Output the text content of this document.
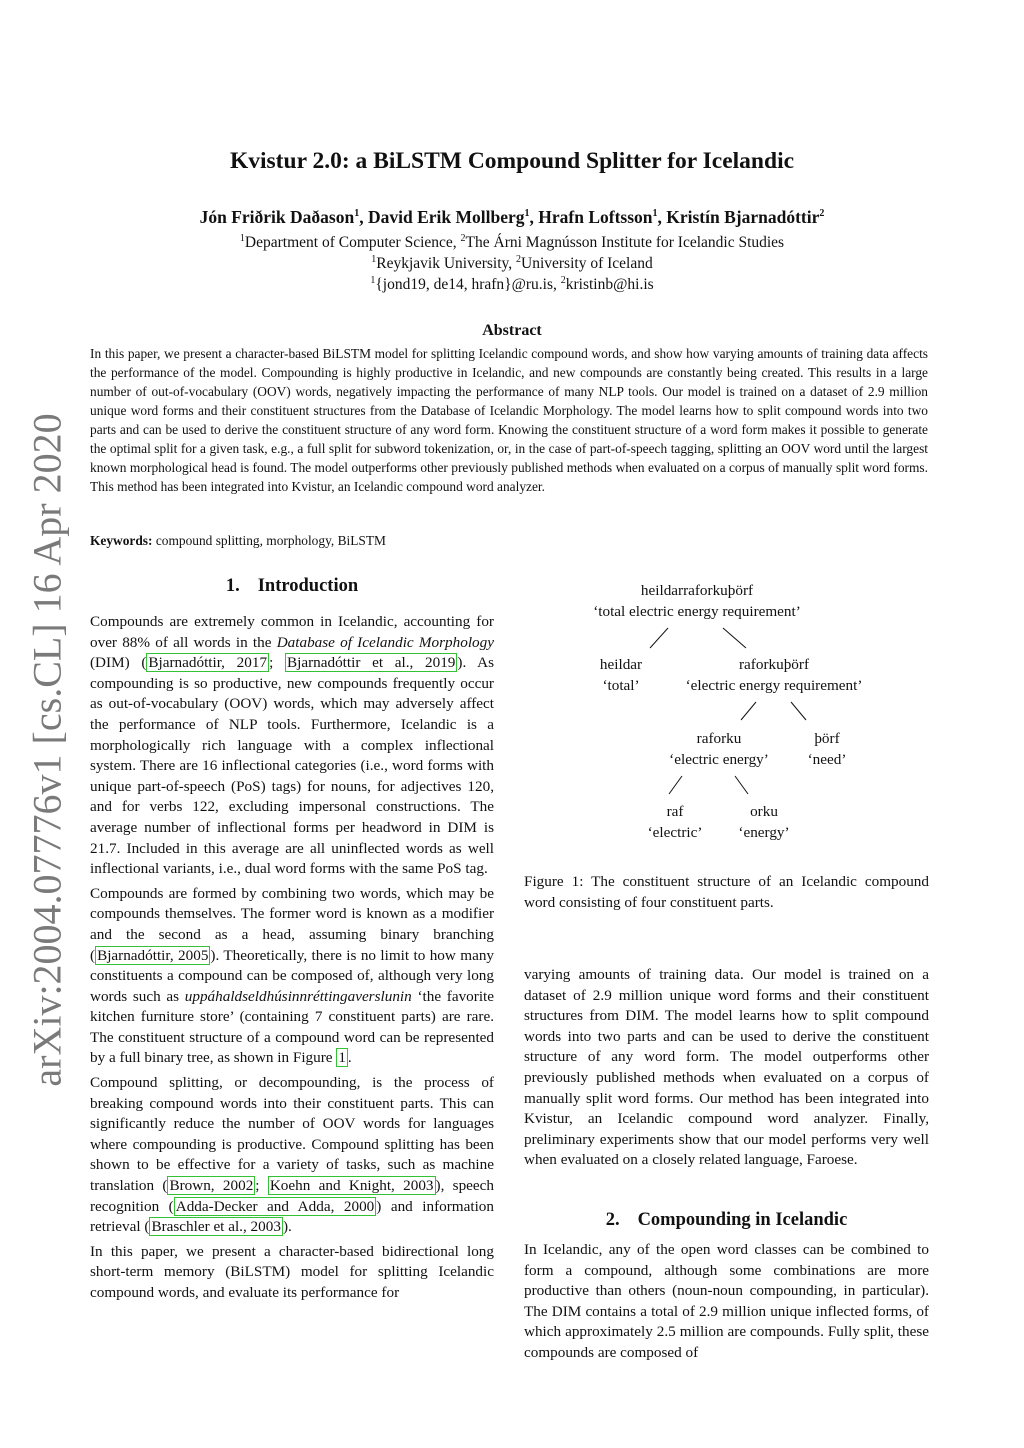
arXiv:2004.07776v1 [cs.CL] 16 Apr 2020
Kvistur 2.0: a BiLSTM Compound Splitter for Icelandic
Jón Friðrik Daðason$^1$, David Erik Mollberg$^1$, Hrafn Loftsson$^1$, Kristín Bjarnadóttir$^2$
$^1$Department of Computer Science, $^2$The Árni Magnússon Institute for Icelandic Studies
$^1$Reykjavik University, $^2$University of Iceland
$^1${jond19, de14, hrafn}@ru.is, $^2$kristinb@hi.is
Abstract
In this paper, we present a character-based BiLSTM model for splitting Icelandic compound words, and show how varying amounts of training data affects the performance of the model. Compounding is highly productive in Icelandic, and new compounds are constantly being created. This results in a large number of out-of-vocabulary (OOV) words, negatively impacting the performance of many NLP tools. Our model is trained on a dataset of 2.9 million unique word forms and their constituent structures from the Database of Icelandic Morphology. The model learns how to split compound words into two parts and can be used to derive the constituent structure of any word form. Knowing the constituent structure of a word form makes it possible to generate the optimal split for a given task, e.g., a full split for subword tokenization, or, in the case of part-of-speech tagging, splitting an OOV word until the largest known morphological head is found. The model outperforms other previously published methods when evaluated on a corpus of manually split word forms. This method has been integrated into Kvistur, an Icelandic compound word analyzer.
Keywords: compound splitting, morphology, BiLSTM
1. Introduction

Compounds are extremely common in Icelandic, accounting for over 88% of all words in the Database of Icelandic Morphology (DIM) ( Bjarnadóttir, 2017 ; Bjarnadóttir et al., 2019 ). As compounding is so productive, new compounds frequently occur as out-of-vocabulary (OOV) words, which may adversely affect the performance of NLP tools. Furthermore, Icelandic is a morphologically rich language with a complex inflectional system. There are 16 inflectional categories (i.e., word forms with unique part-of-speech (PoS) tags) for nouns, for adjectives 120, and for verbs 122, excluding impersonal constructions. The average number of inflectional forms per headword in DIM is 21.7. Included in this average are all uninflected words as well inflectional variants, i.e., dual word forms with the same PoS tag.

Compounds are formed by combining two words, which may be compounds themselves. The former word is known as a modifier and the second as a head, assuming binary branching ( Bjarnadóttir, 2005 ). Theoretically, there is no limit to how many constituents a compound can be composed of, although very long words such as uppáhaldseldhúsinnréttingaverslunin ‘the favorite kitchen furniture store’ (containing 7 constituent parts) are rare. The constituent structure of a compound word can be represented by a full binary tree, as shown in Figure 1 .

Compound splitting, or decompounding, is the process of breaking compound words into their constituent parts. This can significantly reduce the number of OOV words for languages where compounding is productive. Compound splitting has been shown to be effective for a variety of tasks, such as machine translation ( Brown, 2002 ; Koehn and Knight, 2003 ), speech recognition ( Adda-Decker and Adda, 2000 ) and information retrieval ( Braschler et al., 2003 ).

In this paper, we present a character-based bidirectional long short-term memory (BiLSTM) model for splitting Icelandic compound words, and evaluate its performance for

heildarraforkuþörf
‘total electric energy requirement’
heildar
‘total’
raforkuþörf
‘electric energy requirement’
raforku
‘electric energy’
þörf
‘need’
raf
‘electric’
orku
‘energy’
Figure 1: The constituent structure of an Icelandic compound word consisting of four constituent parts.
varying amounts of training data. Our model is trained on a dataset of 2.9 million unique word forms and their constituent structures from DIM. The model learns how to split compound words into two parts and can be used to derive the constituent structure of any word form. The model outperforms other previously published methods when evaluated on a corpus of manually split word forms. Our method has been integrated into Kvistur, an Icelandic compound word analyzer. Finally, preliminary experiments show that our model performs very well when evaluated on a closely related language, Faroese.
2. Compounding in Icelandic
In Icelandic, any of the open word classes can be combined to form a compound, although some combinations are more productive than others (noun-noun compounding, in particular). The DIM contains a total of 2.9 million unique inflected forms, of which approximately 2.5 million are compounds. Fully split, these compounds are composed of
